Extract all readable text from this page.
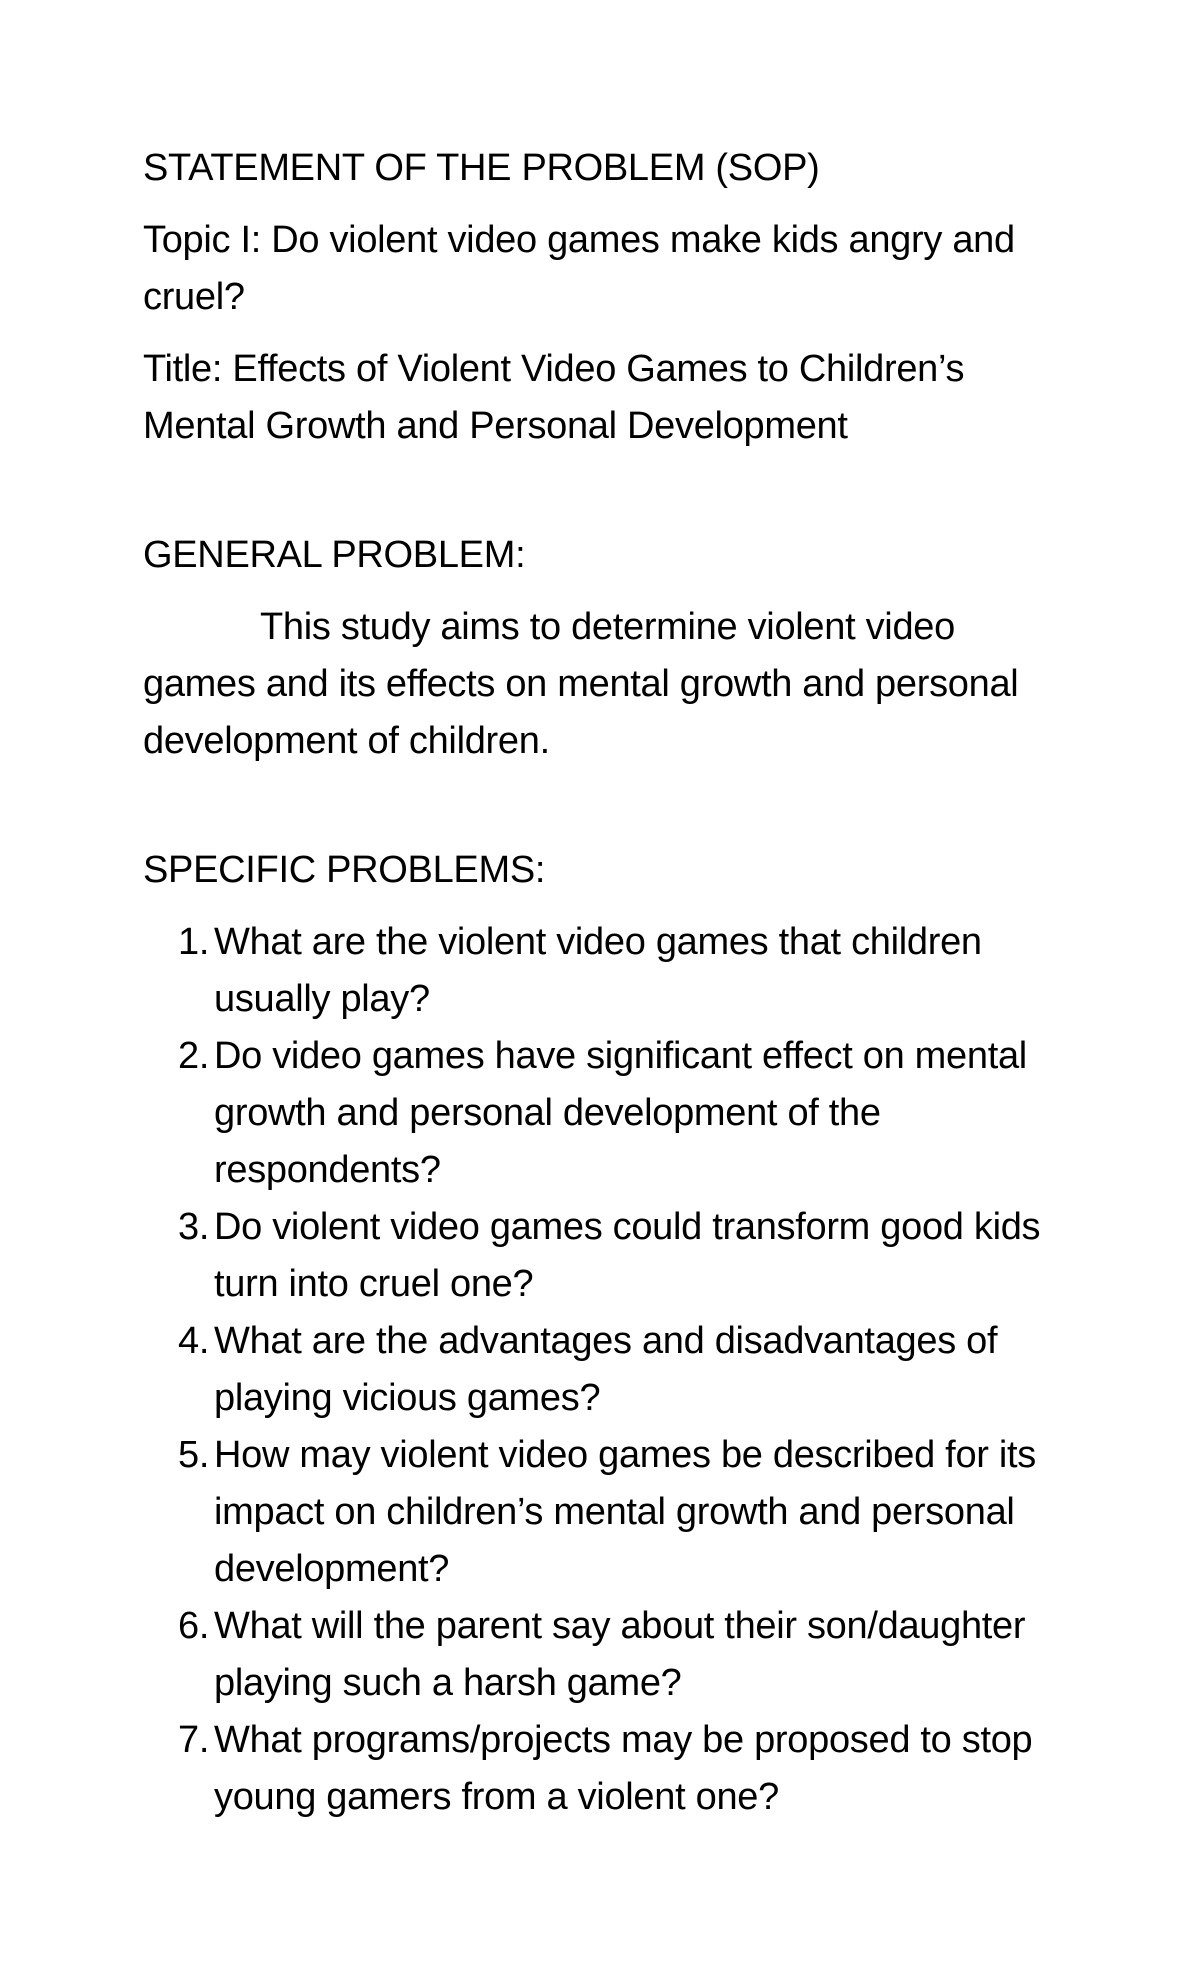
STATEMENT OF THE PROBLEM (SOP)

Topic I: Do violent video games make kids angry and cruel?

Title: Effects of Violent Video Games to Children’s Mental Growth and Personal Development

GENERAL PROBLEM:

This study aims to determine violent video games and its effects on mental growth and personal development of children.

SPECIFIC PROBLEMS:

1. What are the violent video games that children usually play?
2. Do video games have significant effect on mental growth and personal development of the respondents?
3. Do violent video games could transform good kids turn into cruel one?
4. What are the advantages and disadvantages of playing vicious games?
5. How may violent video games be described for its impact on children’s mental growth and personal development?
6. What will the parent say about their son/daughter playing such a harsh game?
7. What programs/projects may be proposed to stop young gamers from a violent one?
